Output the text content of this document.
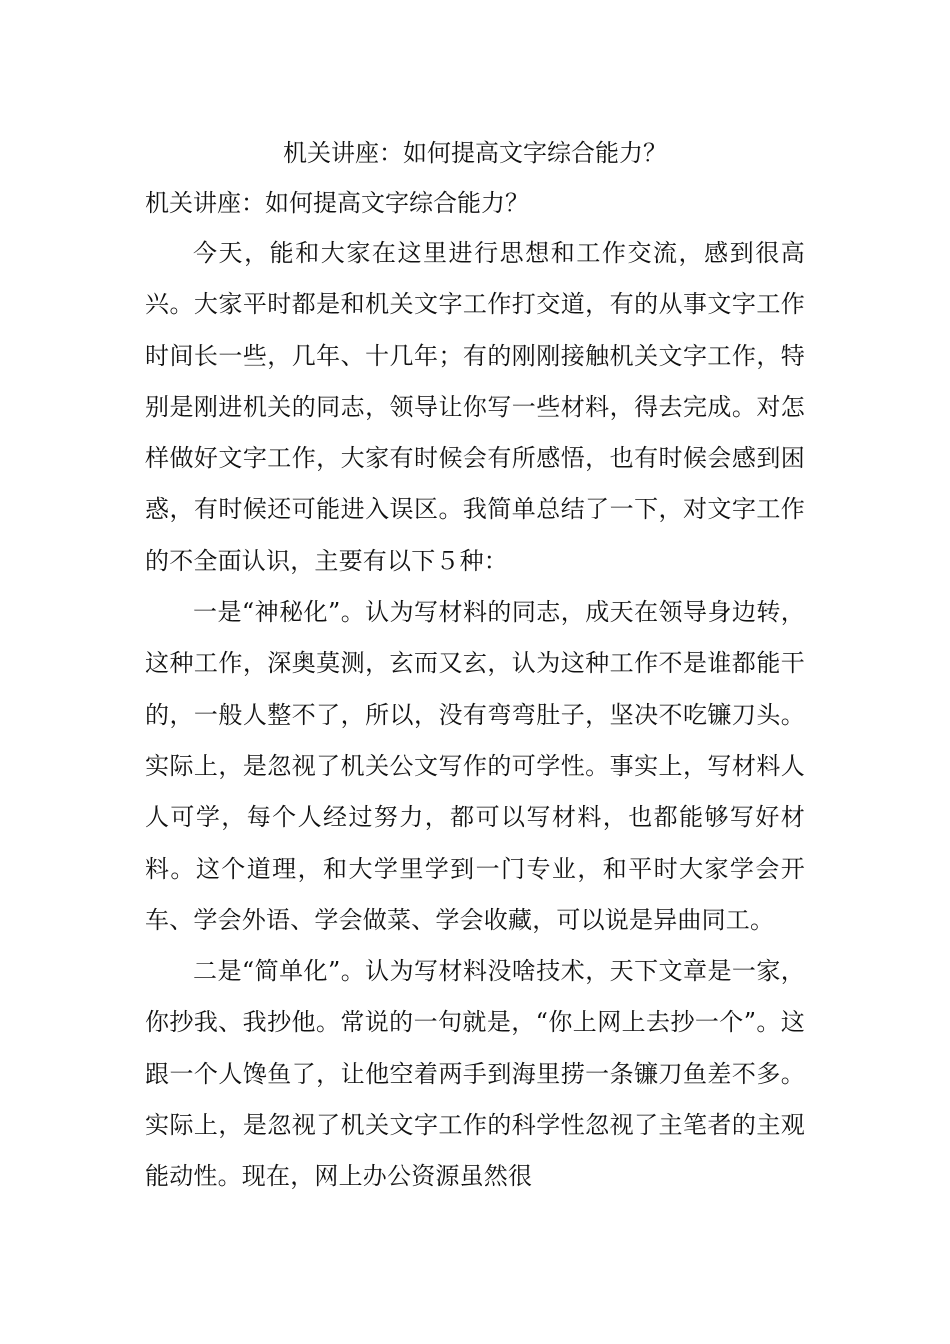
机关讲座：如何提高文字综合能力？
机关讲座：如何提高文字综合能力？

今天，能和大家在这里进行思想和工作交流，感到很高兴。大家平时都是和机关文字工作打交道，有的从事文字工作时间长一些，几年、十几年；有的刚刚接触机关文字工作，特别是刚进机关的同志，领导让你写一些材料，得去完成。对怎样做好文字工作，大家有时候会有所感悟，也有时候会感到困惑，有时候还可能进入误区。我简单总结了一下，对文字工作的不全面认识，主要有以下５种：

一是“神秘化”。认为写材料的同志，成天在领导身边转，这种工作，深奥莫测，玄而又玄，认为这种工作不是谁都能干的，一般人整不了，所以，没有弯弯肚子，坚决不吃镰刀头。实际上，是忽视了机关公文写作的可学性。事实上，写材料人人可学，每个人经过努力，都可以写材料，也都能够写好材料。这个道理，和大学里学到一门专业，和平时大家学会开车、学会外语、学会做菜、学会收藏，可以说是异曲同工。

二是“简单化”。认为写材料没啥技术，天下文章是一家，你抄我、我抄他。常说的一句就是，“你上网上去抄一个”。这跟一个人馋鱼了，让他空着两手到海里捞一条镰刀鱼差不多。实际上，是忽视了机关文字工作的科学性忽视了主笔者的主观能动性。现在，网上办公资源虽然很
